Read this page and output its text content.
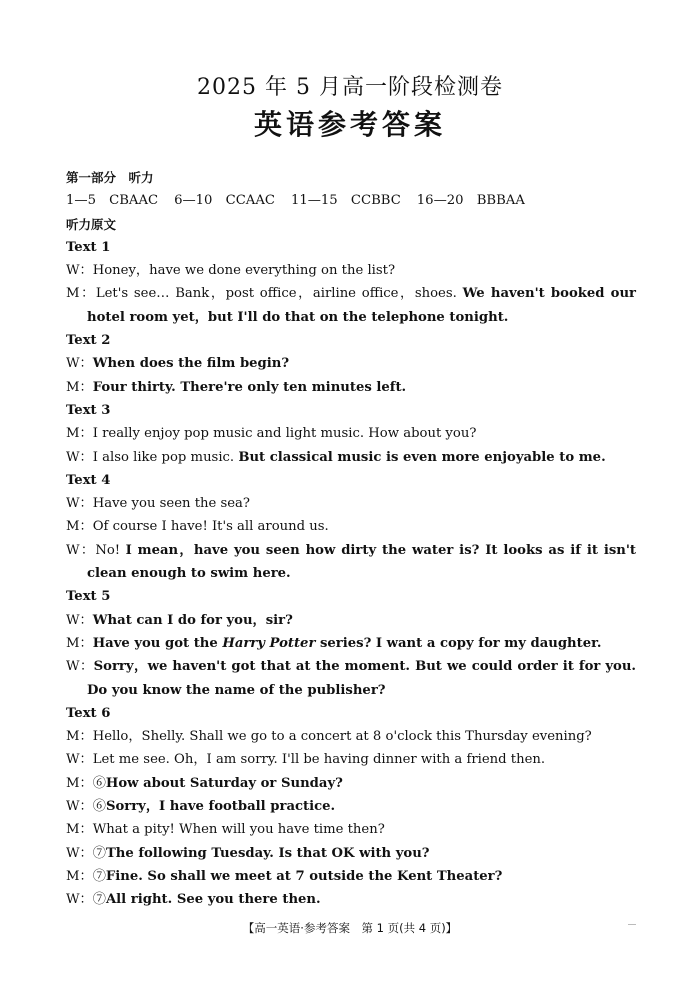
2025 年 5 月高一阶段检测卷
英语参考答案

第一部分　听力

1—5　CBAAC 6—10　CCAAC 11—15　CCBBC 16—20　BBBAA

听力原文

Text 1

W：Honey，have we done everything on the list?

M：Let's see… Bank，post office，airline office，shoes. We haven't booked our hotel room yet，but I'll do that on the telephone tonight.

Text 2

W：When does the film begin?

M：Four thirty. There're only ten minutes left.

Text 3

M：I really enjoy pop music and light music. How about you?

W：I also like pop music. But classical music is even more enjoyable to me.

Text 4

W：Have you seen the sea?

M：Of course I have! It's all around us.

W：No! I mean，have you seen how dirty the water is? It looks as if it isn't clean enough to swim here.

Text 5

W：What can I do for you，sir?

M：Have you got the Harry Potter series? I want a copy for my daughter.

W：Sorry，we haven't got that at the moment. But we could order it for you. Do you know the name of the publisher?

Text 6

M：Hello，Shelly. Shall we go to a concert at 8 o'clock this Thursday evening?

W：Let me see. Oh，I am sorry. I'll be having dinner with a friend then.

M：⑥How about Saturday or Sunday?

W：⑥Sorry，I have football practice.

M：What a pity! When will you have time then?

W：⑦The following Tuesday. Is that OK with you?

M：⑦Fine. So shall we meet at 7 outside the Kent Theater?

W：⑦All right. See you there then.

【高一英语·参考答案　第 1 页(共 4 页)】
